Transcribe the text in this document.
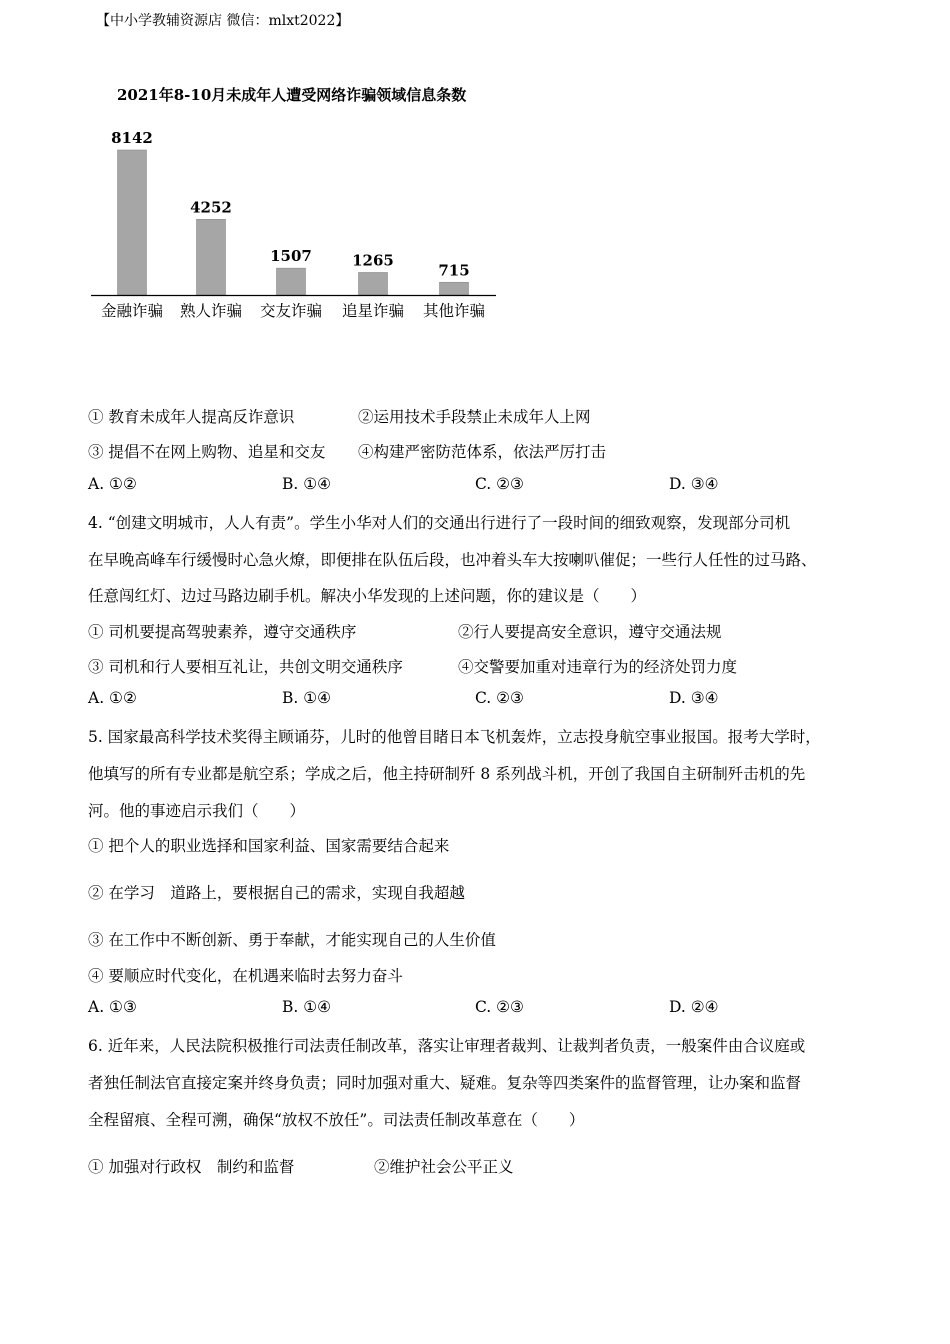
【中小学教辅资源店 微信：mlxt2022】
2021年8-10月未成年人遭受网络诈骗领域信息条数
8142
金融诈骗
4252
熟人诈骗
1507
交友诈骗
1265
追星诈骗
715
其他诈骗
① 教育未成年人提高反诈意识	②运用技术手段禁止未成年人上网
③ 提倡不在网上购物、追星和交友 ④构建严密防范体系，依法严厉打击
A. ①②	B. ①④	C. ②③	D. ③④
4. “创建文明城市，人人有责”。学生小华对人们的交通出行进行了一段时间的细致观察，发现部分司机
在早晚高峰车行缓慢时心急火燎，即便排在队伍后段，也冲着头车大按喇叭催促；一些行人任性的过马路、
任意闯红灯、边过马路边刷手机。解决小华发现的上述问题，你的建议是（　　）
① 司机要提高驾驶素养，遵守交通秩序	②行人要提高安全意识，遵守交通法规
③ 司机和行人要相互礼让，共创文明交通秩序	④交警要加重对违章行为的经济处罚力度
A. ①②	B. ①④	C. ②③	D. ③④
5. 国家最高科学技术奖得主顾诵芬，儿时的他曾目睹日本飞机轰炸，立志投身航空事业报国。报考大学时，
他填写的所有专业都是航空系；学成之后，他主持研制歼 8 系列战斗机，开创了我国自主研制歼击机的先
河。他的事迹启示我们（　　）
① 把个人的职业选择和国家利益、国家需要结合起来
② 在学习　道路上，要根据自己的需求，实现自我超越
③ 在工作中不断创新、勇于奉献，才能实现自己的人生价值
④ 要顺应时代变化，在机遇来临时去努力奋斗
A. ①③	B. ①④	C. ②③	D. ②④
6. 近年来，人民法院积极推行司法责任制改革，落实让审理者裁判、让裁判者负责，一般案件由合议庭或
者独任制法官直接定案并终身负责；同时加强对重大、疑难。复杂等四类案件的监督管理，让办案和监督
全程留痕、全程可溯，确保“放权不放任”。司法责任制改革意在（　　）
① 加强对行政权　制约和监督	②维护社会公平正义
